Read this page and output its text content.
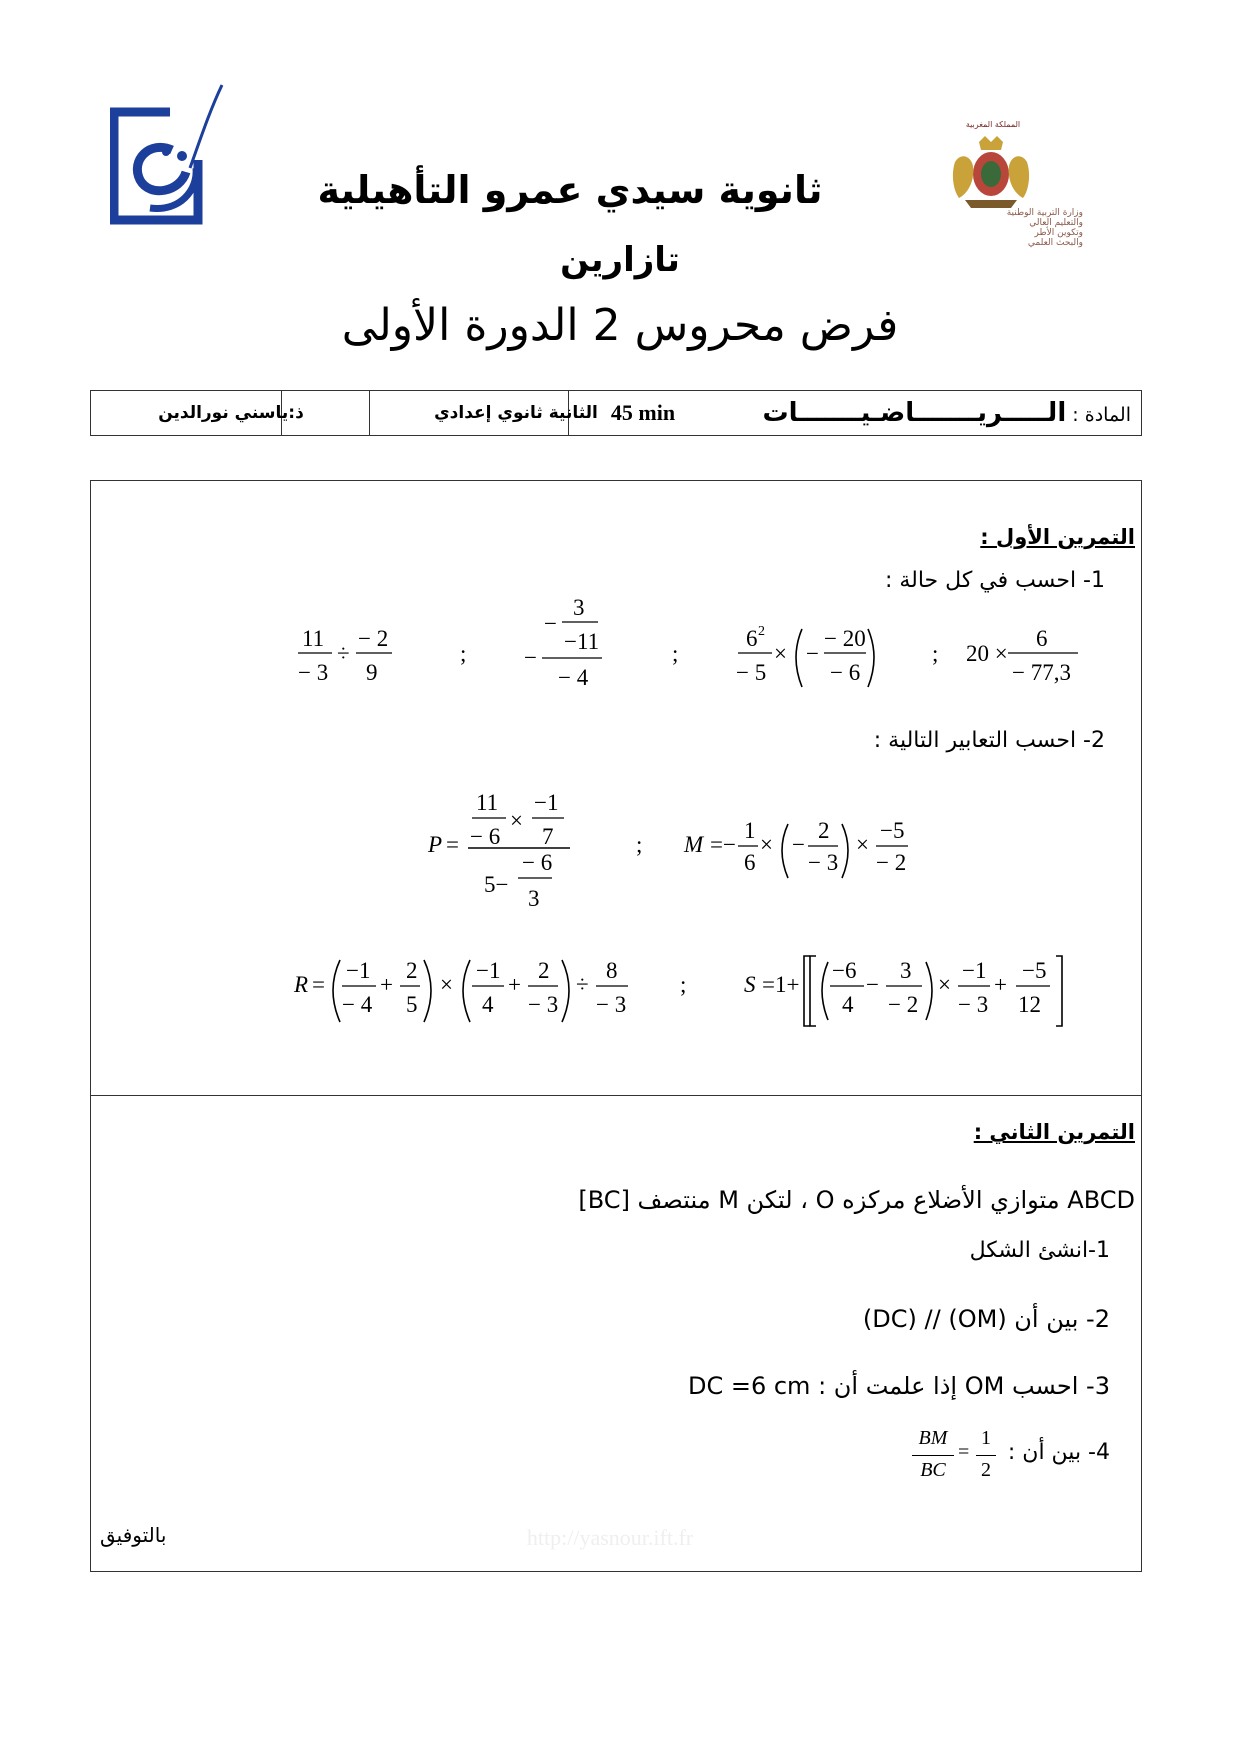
المملكة المغربية
وزارة التربية الوطنية
والتعليم العالي
وتكوين الأطر
والبحث العلمي
ثانوية سيدي عمرو التأهيلية
تازارين
فرض محروس 2 الدورة الأولى
المادة : الـــــريـــــــاضـيـــــــات
45 min
الثانية ثانوي إعدادي
ذ:ياسني نورالدين
التمرين الأول :
1- احسب في كل حالة :
11
− 3
÷
− 2
9
;	−
−
3
−11
− 4
;
6 2
− 5
× −
− 20
− 6
; 20 ×
6
− 77,3
2- احسب التعابير التالية :
P =
11
− 6
×
−1
7
5−
− 6
3
; M =−
1
6
× −
2
− 3
×
−5
− 2
R =
−1
− 4
+
2
5
×
−1
4
+
2
− 3
÷
8
− 3
;	S =1+
−6
4
−
3
− 2
×
−1
− 3
+
−5
12
التمرين الثاني :
ABCD متوازي الأضلاع مركزه O ، لتكن M منتصف [BC]
1-انشئ الشكل
2- بين أن (OM) // (DC)
3- احسب OM إذا علمت أن : DC =6 cm
4- بين أن :
BM
BC
=
1
2
بالتوفيق	http://yasnour.ift.fr
